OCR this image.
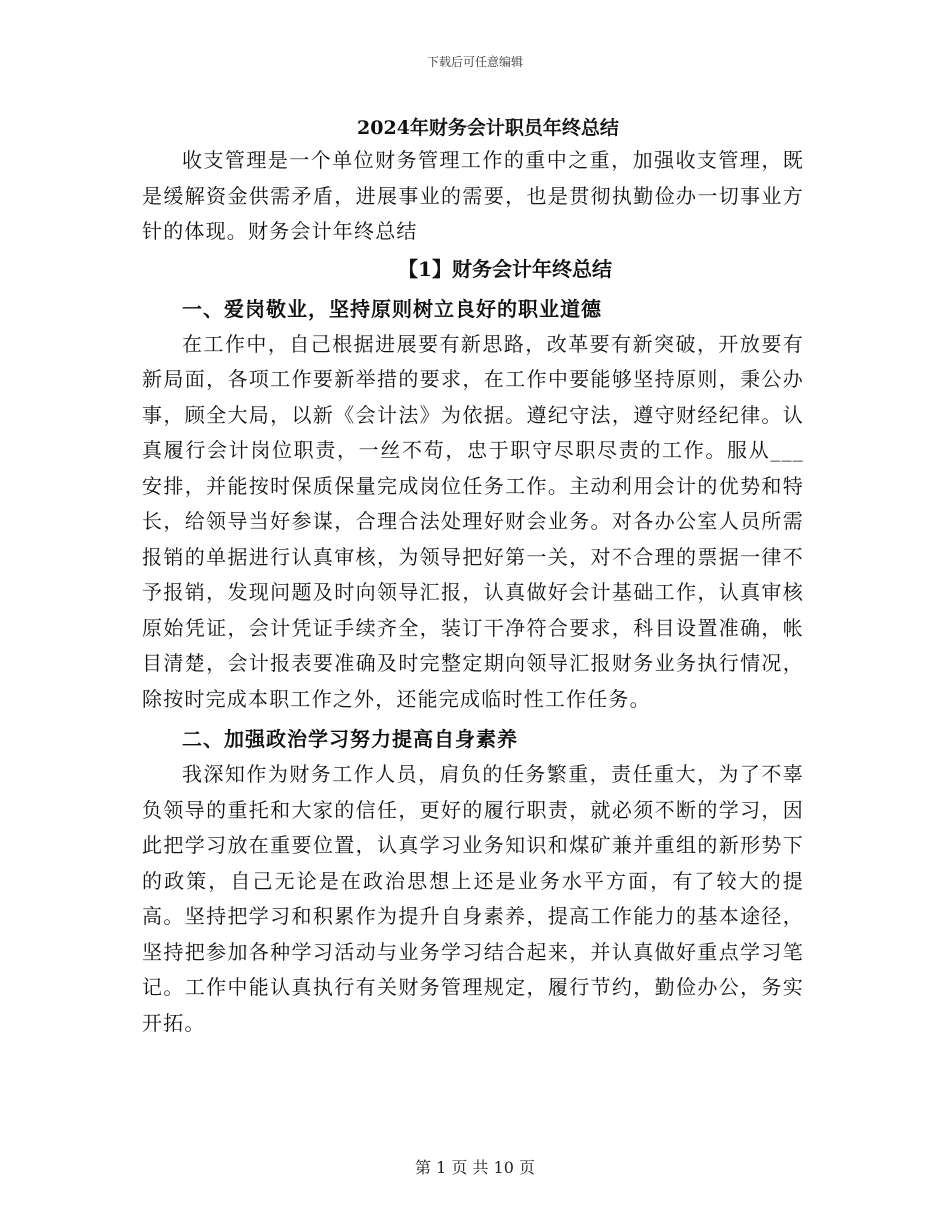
下载后可任意编辑
2024年财务会计职员年终总结

收支管理是一个单位财务管理工作的重中之重，加强收支管理，既是缓解资金供需矛盾，进展事业的需要，也是贯彻执勤俭办一切事业方针的体现。财务会计年终总结

【1】财务会计年终总结
一、爱岗敬业，坚持原则树立良好的职业道德

在工作中，自己根据进展要有新思路，改革要有新突破，开放要有新局面，各项工作要新举措的要求，在工作中要能够坚持原则，秉公办事，顾全大局，以新《会计法》为依据。遵纪守法，遵守财经纪律。认真履行会计岗位职责，一丝不苟，忠于职守尽职尽责的工作。服从___安排，并能按时保质保量完成岗位任务工作。主动利用会计的优势和特长，给领导当好参谋，合理合法处理好财会业务。对各办公室人员所需报销的单据进行认真审核，为领导把好第一关，对不合理的票据一律不予报销，发现问题及时向领导汇报，认真做好会计基础工作，认真审核原始凭证，会计凭证手续齐全，装订干净符合要求，科目设置准确，帐目清楚，会计报表要准确及时完整定期向领导汇报财务业务执行情况，除按时完成本职工作之外，还能完成临时性工作任务。

二、加强政治学习努力提高自身素养

我深知作为财务工作人员，肩负的任务繁重，责任重大，为了不辜负领导的重托和大家的信任，更好的履行职责，就必须不断的学习，因此把学习放在重要位置，认真学习业务知识和煤矿兼并重组的新形势下的政策，自己无论是在政治思想上还是业务水平方面，有了较大的提高。坚持把学习和积累作为提升自身素养，提高工作能力的基本途径，坚持把参加各种学习活动与业务学习结合起来，并认真做好重点学习笔记。工作中能认真执行有关财务管理规定，履行节约，勤俭办公，务实开拓。

第 1 页 共 10 页
